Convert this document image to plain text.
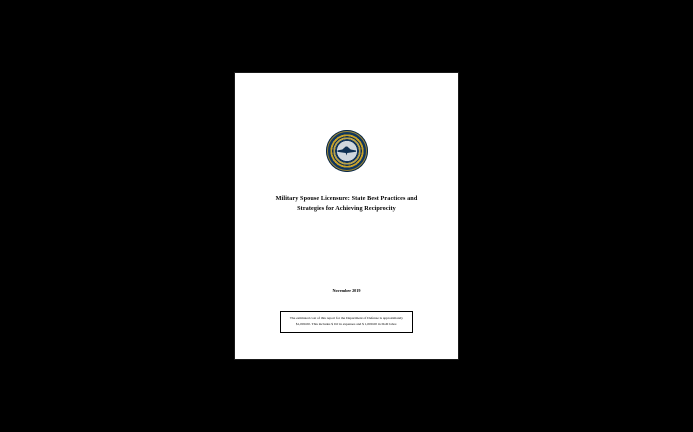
Military Spouse Licensure: State Best Practices and
Strategies for Achieving Reciprocity
November 2019
The estimated cost of this report for the Department of Defense is approximately
$1,000.00. This includes $ 0.0 in expenses and $ 1,000.00 in DoD labor.
